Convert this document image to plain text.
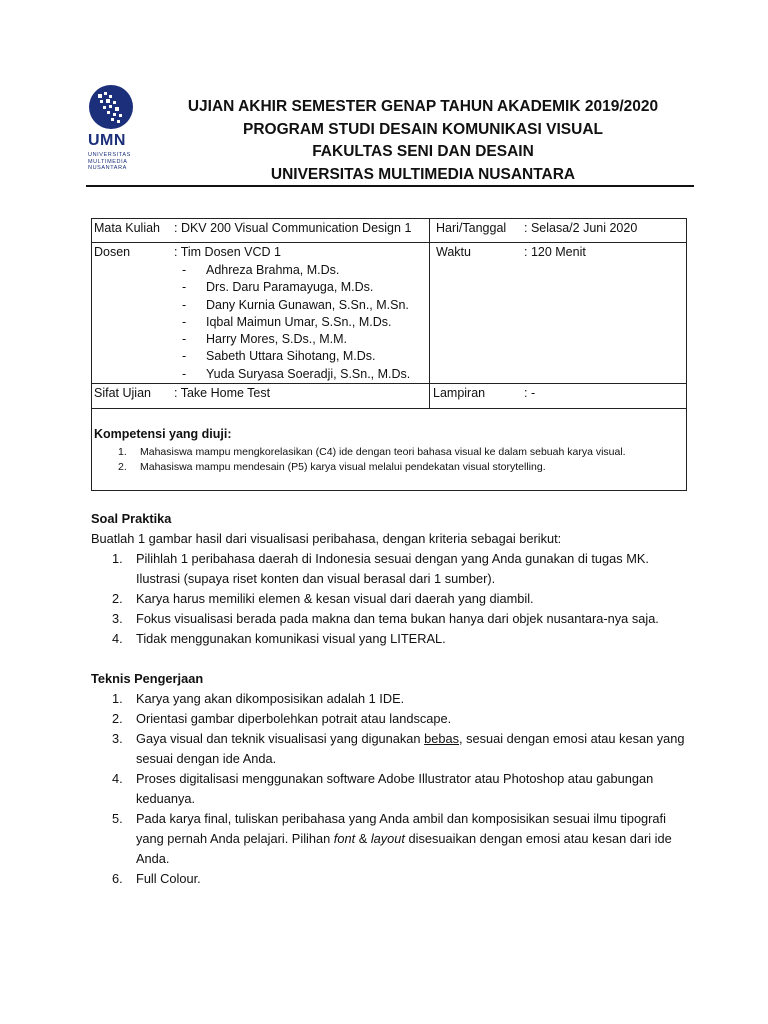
UMN
UNIVERSITAS
MULTIMEDIA
NUSANTARA
UJIAN AKHIR SEMESTER GENAP TAHUN AKADEMIK 2019/2020
PROGRAM STUDI DESAIN KOMUNIKASI VISUAL
FAKULTAS SENI DAN DESAIN
UNIVERSITAS MULTIMEDIA NUSANTARA
Mata Kuliah : DKV 200 Visual Communication Design 1 Hari/Tanggal : Selasa/2 Juni 2020
Dosen	: Tim Dosen VCD 1	Waktu	: 120 Menit
- Adhreza Brahma, M.Ds.
- Drs. Daru Paramayuga, M.Ds.
- Dany Kurnia Gunawan, S.Sn., M.Sn.
- Iqbal Maimun Umar, S.Sn., M.Ds.
- Harry Mores, S.Ds., M.M.
- Sabeth Uttara Sihotang, M.Ds.
- Yuda Suryasa Soeradji, S.Sn., M.Ds.
Sifat Ujian : Take Home Test	Lampiran	: -
Kompetensi yang diuji:
1. Mahasiswa mampu mengkorelasikan (C4) ide dengan teori bahasa visual ke dalam sebuah karya visual.
2. Mahasiswa mampu mendesain (P5) karya visual melalui pendekatan visual storytelling.
Soal Praktika
Buatlah 1 gambar hasil dari visualisasi peribahasa, dengan kriteria sebagai berikut:
1. Pilihlah 1 peribahasa daerah di Indonesia sesuai dengan yang Anda gunakan di tugas MK.
Ilustrasi (supaya riset konten dan visual berasal dari 1 sumber).
2. Karya harus memiliki elemen & kesan visual dari daerah yang diambil.
3. Fokus visualisasi berada pada makna dan tema bukan hanya dari objek nusantara-nya saja.
4. Tidak menggunakan komunikasi visual yang LITERAL.
Teknis Pengerjaan
1. Karya yang akan dikomposisikan adalah 1 IDE.
2. Orientasi gambar diperbolehkan potrait atau landscape.
3. Gaya visual dan teknik visualisasi yang digunakan bebas, sesuai dengan emosi atau kesan yang
sesuai dengan ide Anda.
4. Proses digitalisasi menggunakan software Adobe Illustrator atau Photoshop atau gabungan
keduanya.
5. Pada karya final, tuliskan peribahasa yang Anda ambil dan komposisikan sesuai ilmu tipografi
yang pernah Anda pelajari. Pilihan font & layout disesuaikan dengan emosi atau kesan dari ide
Anda.
6. Full Colour.
